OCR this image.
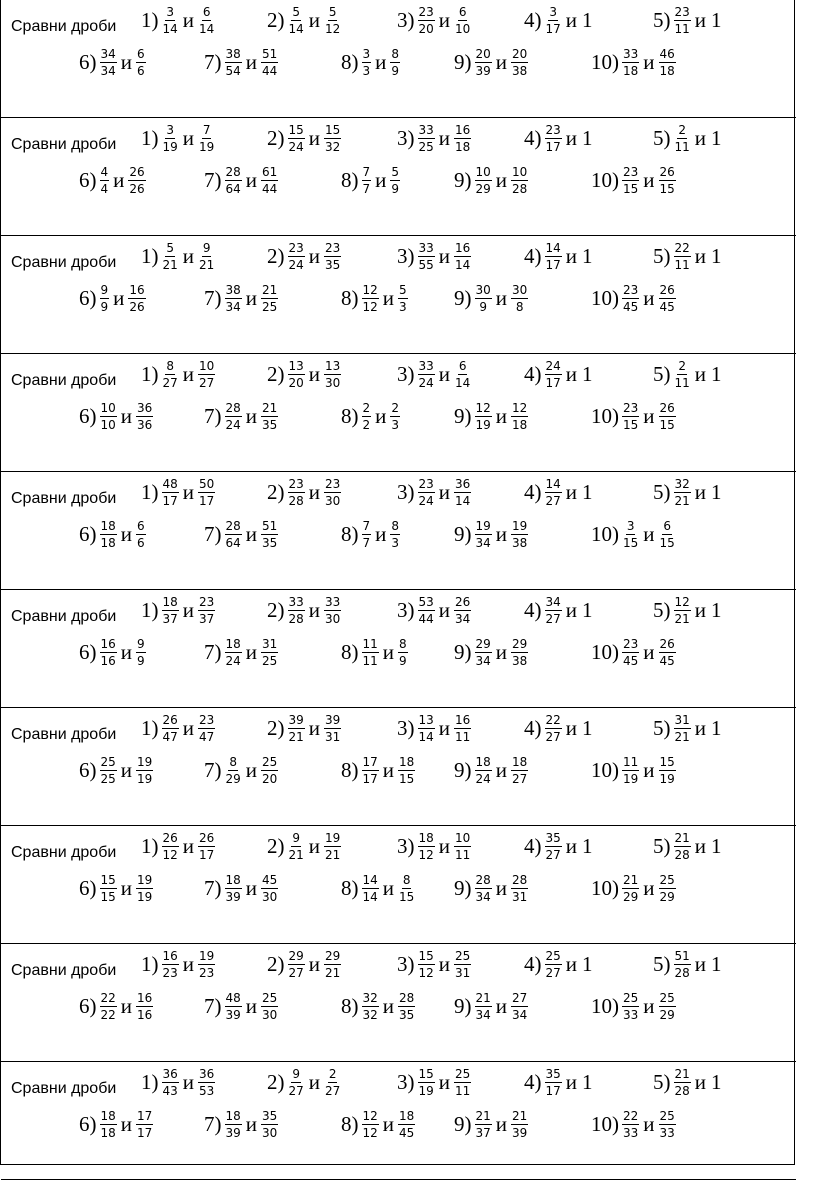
Сравни дроби $1) \frac{3}{14}$ и $\frac{6}{14} 2) \frac{5}{14}$ и $\frac{5}{12}$	$3) \frac{23}{20}$ и $\frac{6}{10}$	$4) \frac{3}{17}$ и 1	$5) \frac{23}{11}$ и 1
$6) \frac{34}{34}$ и $\frac{6}{6}$	$7) \frac{38}{54}$ и $\frac{51}{44}$	$8) \frac{3}{3}$ и $\frac{8}{9}$	$9) \frac{20}{39}$ и $\frac{20}{38}$	$10) \frac{33}{18}$ и $\frac{46}{18}$
Сравни дроби $1) \frac{3}{19}$ и $\frac{7}{19} 2) \frac{15}{24}$ и $\frac{15}{32}$	$3) \frac{33}{25}$ и $\frac{16}{18}$	$4) \frac{23}{17}$ и 1	$5) \frac{2}{11}$ и 1
$6) \frac{4}{4}$ и $\frac{26}{26}$	$7) \frac{28}{64}$ и $\frac{61}{44}$	$8) \frac{7}{7}$ и $\frac{5}{9}$	$9) \frac{10}{29}$ и $\frac{10}{28}$	$10) \frac{23}{15}$ и $\frac{26}{15}$
Сравни дроби $1) \frac{5}{21}$ и $\frac{9}{21} 2) \frac{23}{24}$ и $\frac{23}{35}$	$3) \frac{33}{55}$ и $\frac{16}{14}$	$4) \frac{14}{17}$ и 1	$5) \frac{22}{11}$ и 1
$6) \frac{9}{9}$ и $\frac{16}{26}$	$7) \frac{38}{34}$ и $\frac{21}{25}$	$8) \frac{12}{12}$ и $\frac{5}{3} 9) \frac{30}{9}$ и $\frac{30}{8}$	$10) \frac{23}{45}$ и $\frac{26}{45}$
Сравни дроби $1) \frac{8}{27}$ и $\frac{10}{27} 2) \frac{13}{20}$ и $\frac{13}{30}$	$3) \frac{33}{24}$ и $\frac{6}{14}$	$4) \frac{24}{17}$ и 1	$5) \frac{2}{11}$ и 1
$6) \frac{10}{10}$ и $\frac{36}{36} 7) \frac{28}{24}$ и $\frac{21}{35}$	$8) \frac{2}{2}$ и $\frac{2}{3}$	$9) \frac{12}{19}$ и $\frac{12}{18}$	$10) \frac{23}{15}$ и $\frac{26}{15}$
Сравни дроби $1) \frac{48}{17}$ и $\frac{50}{17} 2) \frac{23}{28}$ и $\frac{23}{30}$	$3) \frac{23}{24}$ и $\frac{36}{14}$	$4) \frac{14}{27}$ и 1	$5) \frac{32}{21}$ и 1
$6) \frac{18}{18}$ и $\frac{6}{6}$	$7) \frac{28}{64}$ и $\frac{51}{35}$	$8) \frac{7}{7}$ и $\frac{8}{3}$	$9) \frac{19}{34}$ и $\frac{19}{38}$	$10) \frac{3}{15}$ и $\frac{6}{15}$
Сравни дроби $1) \frac{18}{37}$ и $\frac{23}{37} 2) \frac{33}{28}$ и $\frac{33}{30}$	$3) \frac{53}{44}$ и $\frac{26}{34}$	$4) \frac{34}{27}$ и 1	$5) \frac{12}{21}$ и 1
$6) \frac{16}{16}$ и $\frac{9}{9}$	$7) \frac{18}{24}$ и $\frac{31}{25}$	$8) \frac{11}{11}$ и $\frac{8}{9} 9) \frac{29}{34}$ и $\frac{29}{38}$	$10) \frac{23}{45}$ и $\frac{26}{45}$
Сравни дроби $1) \frac{26}{47}$ и $\frac{23}{47} 2) \frac{39}{21}$ и $\frac{39}{31}$	$3) \frac{13}{14}$ и $\frac{16}{11}$	$4) \frac{22}{27}$ и 1	$5) \frac{31}{21}$ и 1
$6) \frac{25}{25}$ и $\frac{19}{19} 7) \frac{8}{29}$ и $\frac{25}{20}$	$8) \frac{17}{17}$ и $\frac{18}{15} 9) \frac{18}{24}$ и $\frac{18}{27}$	$10) \frac{11}{19}$ и $\frac{15}{19}$
Сравни дроби $1) \frac{26}{12}$ и $\frac{26}{17} 2) \frac{9}{21}$ и $\frac{19}{21}$	$3) \frac{18}{12}$ и $\frac{10}{11}$	$4) \frac{35}{27}$ и 1	$5) \frac{21}{28}$ и 1
$6) \frac{15}{15}$ и $\frac{19}{19} 7) \frac{18}{39}$ и $\frac{45}{30}$	$8) \frac{14}{14}$ и $\frac{8}{15} 9) \frac{28}{34}$ и $\frac{28}{31}$	$10) \frac{21}{29}$ и $\frac{25}{29}$
Сравни дроби $1) \frac{16}{23}$ и $\frac{19}{23} 2) \frac{29}{27}$ и $\frac{29}{21}$	$3) \frac{15}{12}$ и $\frac{25}{31}$	$4) \frac{25}{27}$ и 1	$5) \frac{51}{28}$ и 1
$6) \frac{22}{22}$ и $\frac{16}{16} 7) \frac{48}{39}$ и $\frac{25}{30}$	$8) \frac{32}{32}$ и $\frac{28}{35} 9) \frac{21}{34}$ и $\frac{27}{34}$	$10) \frac{25}{33}$ и $\frac{25}{29}$
Сравни дроби $1) \frac{36}{43}$ и $\frac{36}{53} 2) \frac{9}{27}$ и $\frac{2}{27}$	$3) \frac{15}{19}$ и $\frac{25}{11}$	$4) \frac{35}{17}$ и 1	$5) \frac{21}{28}$ и 1
$6) \frac{18}{18}$ и $\frac{17}{17} 7) \frac{18}{39}$ и $\frac{35}{30}$	$8) \frac{12}{12}$ и $\frac{18}{45} 9) \frac{21}{37}$ и $\frac{21}{39}$	$10) \frac{22}{33}$ и $\frac{25}{33}$
